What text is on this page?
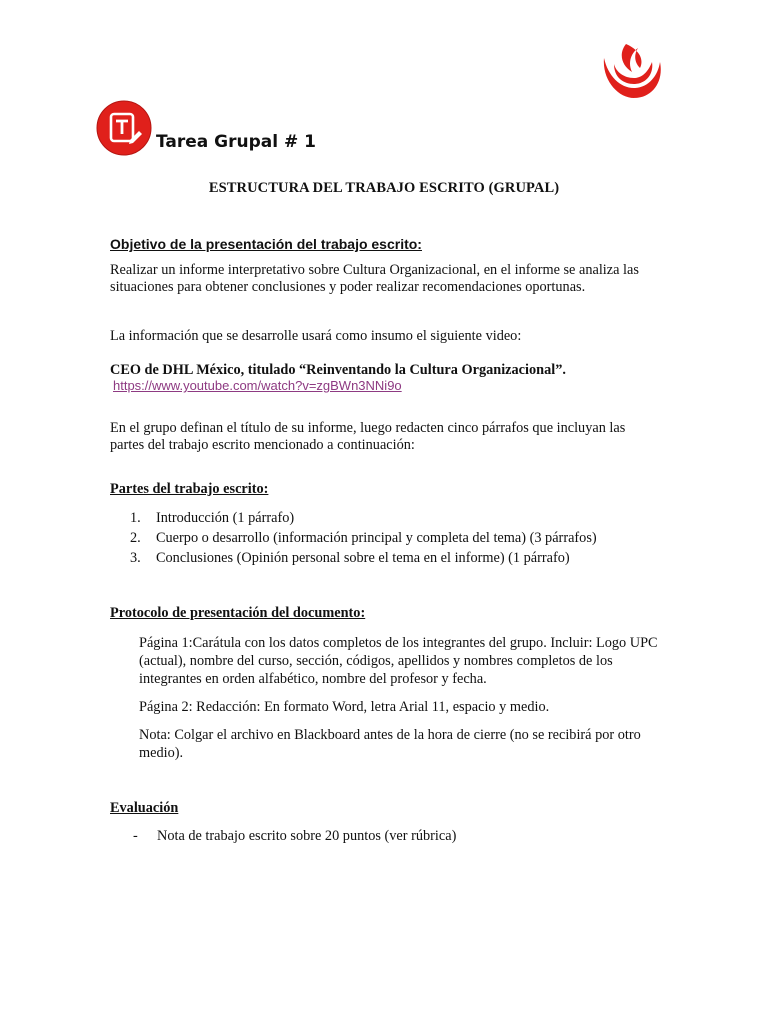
Tarea Grupal # 1
ESTRUCTURA DEL TRABAJO ESCRITO (GRUPAL)
Objetivo de la presentación del trabajo escrito:
Realizar un informe interpretativo sobre Cultura Organizacional, en el informe se analiza las situaciones para obtener conclusiones y poder realizar recomendaciones oportunas.
La información que se desarrolle usará como insumo el siguiente video:
CEO de DHL México, titulado “Reinventando la Cultura Organizacional”.
https://www.youtube.com/watch?v=zgBWn3NNi9o
En el grupo definan el título de su informe, luego redacten cinco párrafos que incluyan las partes del trabajo escrito mencionado a continuación:
Partes del trabajo escrito:
1.	Introducción (1 párrafo)
2.	Cuerpo o desarrollo (información principal y completa del tema) (3 párrafos)
3.	Conclusiones (Opinión personal sobre el tema en el informe) (1 párrafo)
Protocolo de presentación del documento:
Página 1:Carátula con los datos completos de los integrantes del grupo. Incluir: Logo UPC (actual), nombre del curso, sección, códigos, apellidos y nombres completos de los integrantes en orden alfabético, nombre del profesor y fecha.
Página 2: Redacción: En formato Word, letra Arial 11, espacio y medio.
Nota: Colgar el archivo en Blackboard antes de la hora de cierre (no se recibirá por otro medio).
Evaluación
-	Nota de trabajo escrito sobre 20 puntos (ver rúbrica)
